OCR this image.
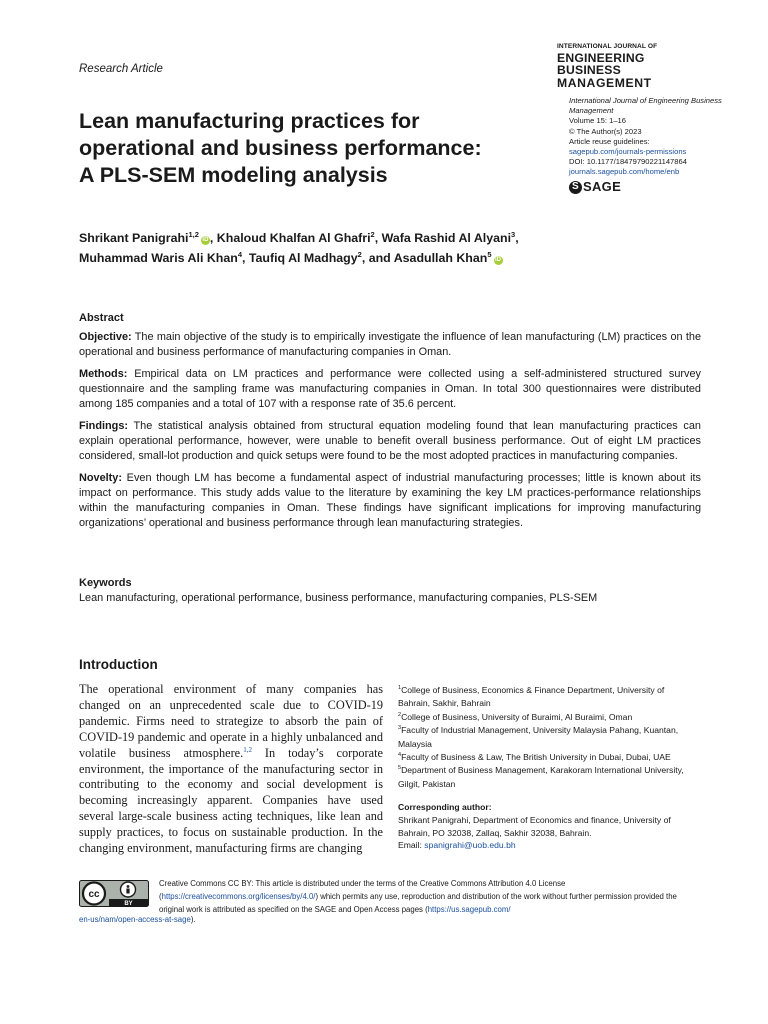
Research Article
INTERNATIONAL JOURNAL OF
ENGINEERING BUSINESS
MANAGEMENT
Lean manufacturing practices for
operational and business performance:
A PLS-SEM modeling analysis
International Journal of Engineering Business Management
Volume 15: 1–16
© The Author(s) 2023
Article reuse guidelines:
sagepub.com/journals-permissions
DOI: 10.1177/18479790221147864
journals.sagepub.com/home/enb
S SAGE
Shrikant Panigrahi$^{1,2}$iD , Khaloud Khalfan Al Ghafri$^2$, Wafa Rashid Al Alyani$^3$,
Muhammad Waris Ali Khan$^4$, Taufiq Al Madhagy$^2$, and Asadullah Khan$^5$iD
Abstract

Objective: The main objective of the study is to empirically investigate the influence of lean manufacturing (LM) practices on the operational and business performance of manufacturing companies in Oman.

Methods: Empirical data on LM practices and performance were collected using a self-administered structured survey questionnaire and the sampling frame was manufacturing companies in Oman. In total 300 questionnaires were distributed among 185 companies and a total of 107 with a response rate of 35.6 percent.

Findings: The statistical analysis obtained from structural equation modeling found that lean manufacturing practices can explain operational performance, however, were unable to benefit overall business performance. Out of eight LM practices considered, small-lot production and quick setups were found to be the most adopted practices in manufacturing companies.

Novelty: Even though LM has become a fundamental aspect of industrial manufacturing processes; little is known about its impact on performance. This study adds value to the literature by examining the key LM practices-performance relationships within the manufacturing companies in Oman. These findings have significant implications for improving manufacturing organizations’ operational and business performance through lean manufacturing strategies.

Keywords
Lean manufacturing, operational performance, business performance, manufacturing companies, PLS-SEM
Introduction

The operational environment of many companies has changed on an unprecedented scale due to COVID-19 pandemic. Firms need to strategize to absorb the pain of COVID-19 pandemic and operate in a highly unbalanced and volatile business atmosphere.$^{1,2}$ In today’s corporate environment, the importance of the manufacturing sector in contributing to the economy and social development is becoming increasingly apparent. Companies have used several large-scale business acting techniques, like lean and supply practices, to focus on sustainable production. In the changing environment, manufacturing firms are changing

$^1$College of Business, Economics & Finance Department, University of Bahrain, Sakhir, Bahrain
$^2$College of Business, University of Buraimi, Al Buraimi, Oman
$^3$Faculty of Industrial Management, University Malaysia Pahang, Kuantan, Malaysia
$^4$Faculty of Business & Law, The British University in Dubai, Dubai, UAE
$^5$Department of Business Management, Karakoram International University, Gilgit, Pakistan
Corresponding author:
Shrikant Panigrahi, Department of Economics and finance, University of Bahrain, PO 32038, Zallaq, Sakhir 32038, Bahrain.
Email: spanigrahi@uob.edu.bh
cc
BY
Creative Commons CC BY: This article is distributed under the terms of the Creative Commons Attribution 4.0 License (https://creativecommons.org/licenses/by/4.0/) which permits any use, reproduction and distribution of the work without further permission provided the original work is attributed as specified on the SAGE and Open Access pages (https://us.sagepub.com/
en-us/nam/open-access-at-sage).
